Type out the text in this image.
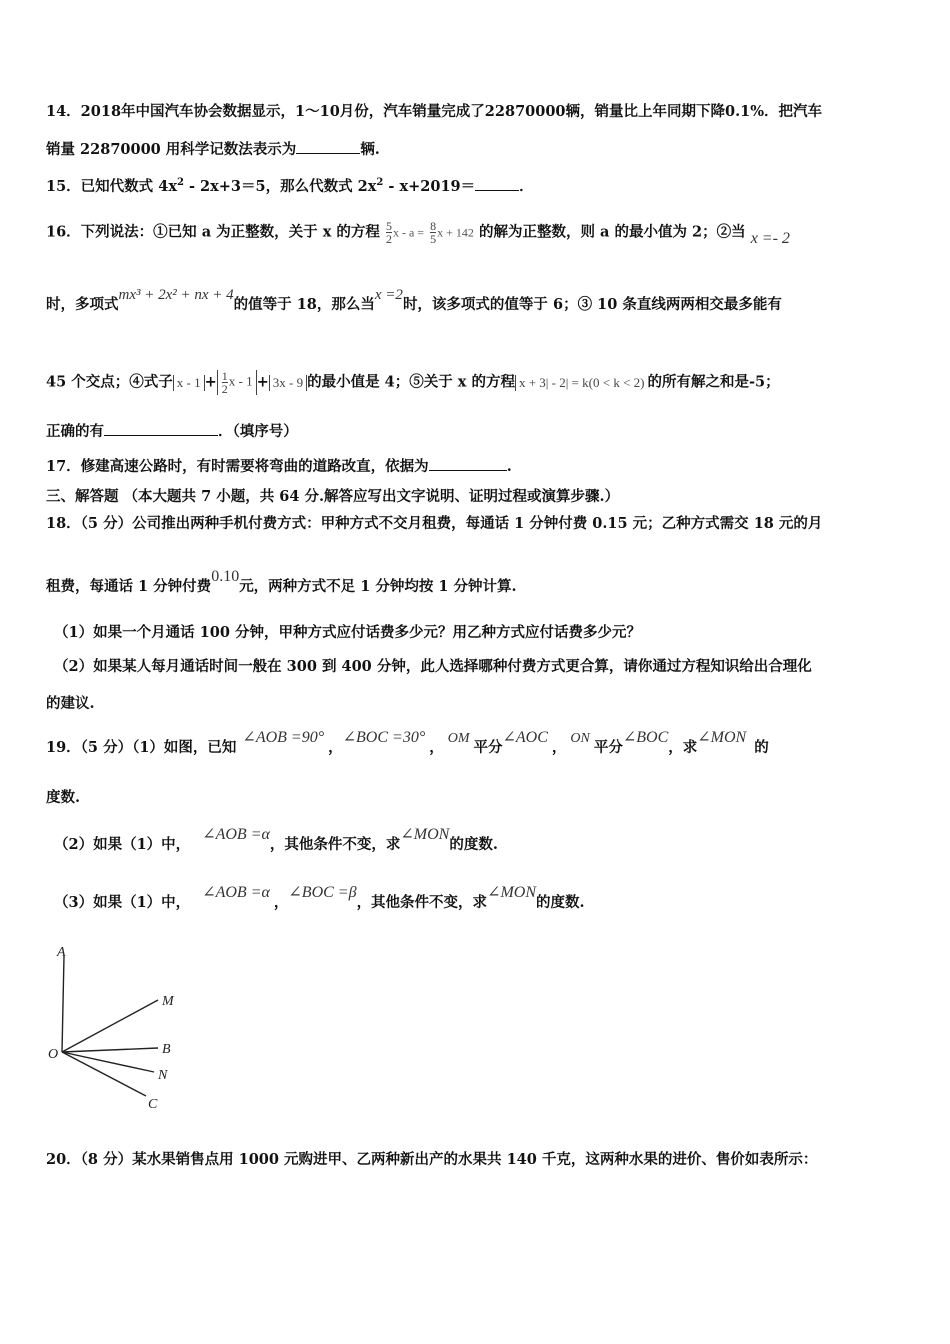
14．2018年中国汽车协会数据显示，1～10月份，汽车销量完成了22870000辆，销量比上年同期下降0.1%．把汽车
销量 22870000 用科学记数法表示为	辆.
15．已知代数式 $4x^2 - 2x+3=5$，那么代数式 $2x^2 - x+2019=$	．
16．下列说法：①已知 a 为正整数，关于 x 的方程 $\frac{5}{2}$ $x - a = \frac{8}{5}$ x + 142 的解为正整数，则 a 的最小值为 2；②当 x =- 2
时，多项式mx³ + 2x² + nx + 4的值等于 18，那么当x =2时，该多项式的值等于 6；③ 10 条直线两两相交最多能有
45 个交点；④式子 $x - 1 + \frac{1}{2}$ x - 1 + 3x - 9 的最小值是 4；⑤关于 x 的方程 x + 3| - 2| = k(0 < k < 2) 的所有解之和是-5；
正确的有	．（填序号）
17．修建高速公路时，有时需要将弯曲的道路改直，依据为	.
三、解答题 （本大题共 7 小题，共 64 分.解答应写出文字说明、证明过程或演算步骤.）
18．（5 分）公司推出两种手机付费方式：甲种方式不交月租费，每通话 1 分钟付费 0.15 元；乙种方式需交 18 元的月
租费，每通话 1 分钟付费0.10元，两种方式不足 1 分钟均按 1 分钟计算.
（1）如果一个月通话 100 分钟，甲种方式应付话费多少元？用乙种方式应付话费多少元？
（2）如果某人每月通话时间一般在 300 到 400 分钟，此人选择哪种付费方式更合算，请你通过方程知识给出合理化
的建议.
19．（5 分）（1）如图，已知∠AOB =90°，∠BOC =30°，OM平分∠AOC，ON平分∠BOC，求∠MON的
度数.
（2）如果（1）中，∠AOB =α，其他条件不变，求∠MON的度数.
（3）如果（1）中，∠AOB =α，∠BOC =β，其他条件不变，求∠MON的度数.
A
M
O	B
N
C
20．（8 分）某水果销售点用 1000 元购进甲、乙两种新出产的水果共 140 千克，这两种水果的进价、售价如表所示：
